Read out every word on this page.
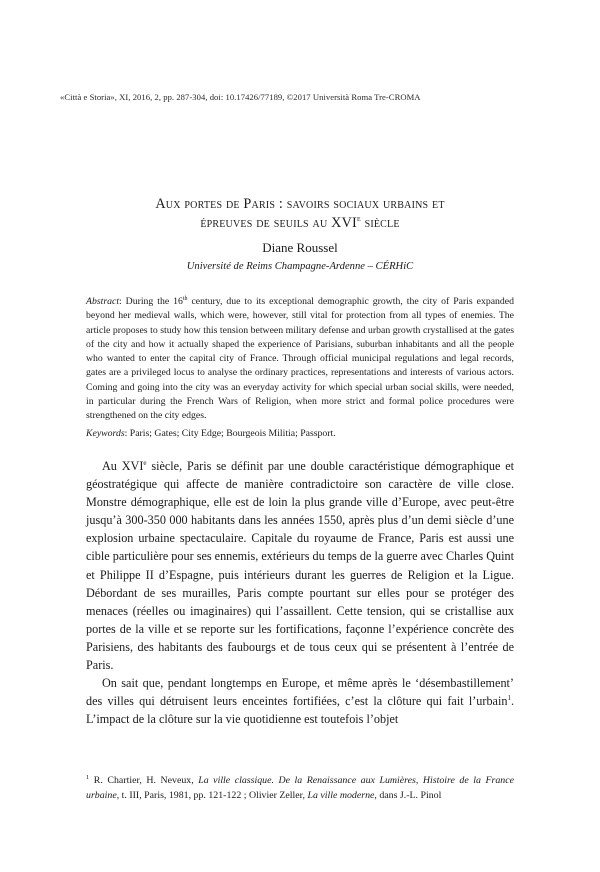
«Città e Storia», XI, 2016, 2, pp. 287-304, doi: 10.17426/77189, ©2017 Università Roma Tre-CROMA
Aux portes de Paris : savoirs sociaux urbains et
épreuves de seuils au XVIe siècle
Diane Roussel
Université de Reims Champagne-Ardenne – CÉRHiC
Abstract: During the 16th century, due to its exceptional demographic growth, the city of Paris expanded beyond her medieval walls, which were, however, still vital for protection from all types of enemies. The article proposes to study how this tension between military defense and urban growth crystallised at the gates of the city and how it actually shaped the experience of Parisians, suburban inhabitants and all the people who wanted to enter the capital city of France. Through official municipal regulations and legal records, gates are a privileged locus to analyse the ordinary practices, representations and interests of various actors. Coming and going into the city was an everyday activity for which special urban social skills, were needed, in particular during the French Wars of Religion, when more strict and formal police procedures were strengthened on the city edges.
Keywords: Paris; Gates; City Edge; Bourgeois Militia; Passport.

Au XVIe siècle, Paris se définit par une double caractéristique démographique et géostratégique qui affecte de manière contradictoire son caractère de ville close. Monstre démographique, elle est de loin la plus grande ville d’Europe, avec peut-être jusqu’à 300-350 000 habitants dans les années 1550, après plus d’un demi siècle d’une explosion urbaine spectaculaire. Capitale du royaume de France, Paris est aussi une cible particulière pour ses ennemis, extérieurs du temps de la guerre avec Charles Quint et Philippe II d’Espagne, puis intérieurs durant les guerres de Religion et la Ligue. Débordant de ses murailles, Paris compte pourtant sur elles pour se protéger des menaces (réelles ou imaginaires) qui l’assaillent. Cette tension, qui se cristallise aux portes de la ville et se reporte sur les fortifications, façonne l’expérience concrète des Parisiens, des habitants des faubourgs et de tous ceux qui se présentent à l’entrée de Paris.

On sait que, pendant longtemps en Europe, et même après le ‘désembastillement’ des villes qui détruisent leurs enceintes fortifiées, c’est la clôture qui fait l’urbain$^1$. L’impact de la clôture sur la vie quotidienne est toutefois l’objet

$^1$ R. Chartier, H. Neveux, La ville classique. De la Renaissance aux Lumières, Histoire de la France urbaine, t. III, Paris, 1981, pp. 121-122 ; Olivier Zeller, La ville moderne, dans J.-L. Pinol
